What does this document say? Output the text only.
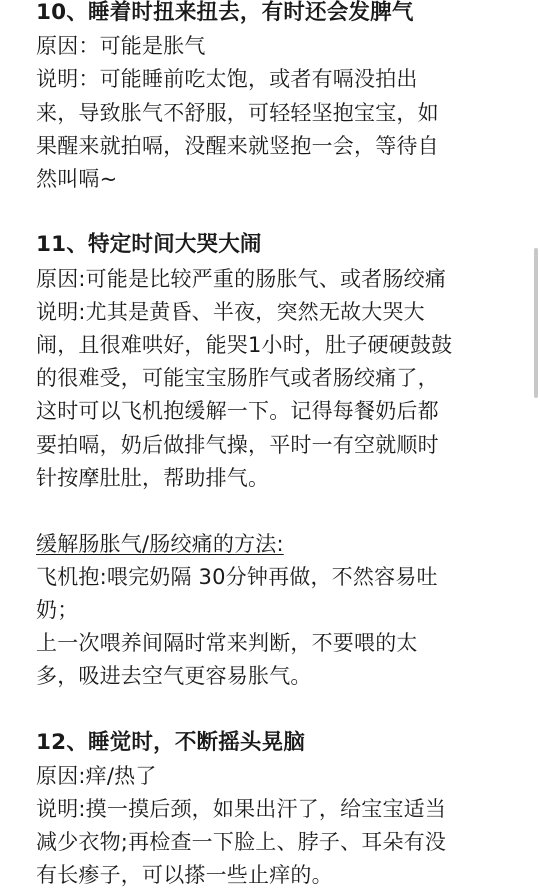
10、睡着时扭来扭去，有时还会发脾气
原因：可能是胀气
说明：可能睡前吃太饱，或者有嗝没拍出
来，导致胀气不舒服，可轻轻坚抱宝宝，如
果醒来就拍嗝，没醒来就竖抱一会，等待自
然叫嗝~
11、特定时间大哭大闹
原因:可能是比较严重的肠胀气、或者肠绞痛
说明:尤其是黄昏、半夜，突然无故大哭大
闹，且很难哄好，能哭1小时，肚子硬硬鼓鼓
的很难受，可能宝宝肠胙气或者肠绞痛了，
这时可以飞机抱缓解一下。记得每餐奶后都
要拍嗝，奶后做排气操，平时一有空就顺时
针按摩肚肚，帮助排气。
缓解肠胀气/肠绞痛的方法:
飞机抱:喂完奶隔 30分钟再做，不然容易吐
奶；
上一次喂养间隔时常来判断，不要喂的太
多，吸进去空气更容易胀气。
12、睡觉时，不断摇头晃脑
原因:痒/热了
说明:摸一摸后颈，如果出汗了，给宝宝适当
减少衣物;再检查一下脸上、脖子、耳朵有没
有长瘆子，可以搽一些止痒的。
